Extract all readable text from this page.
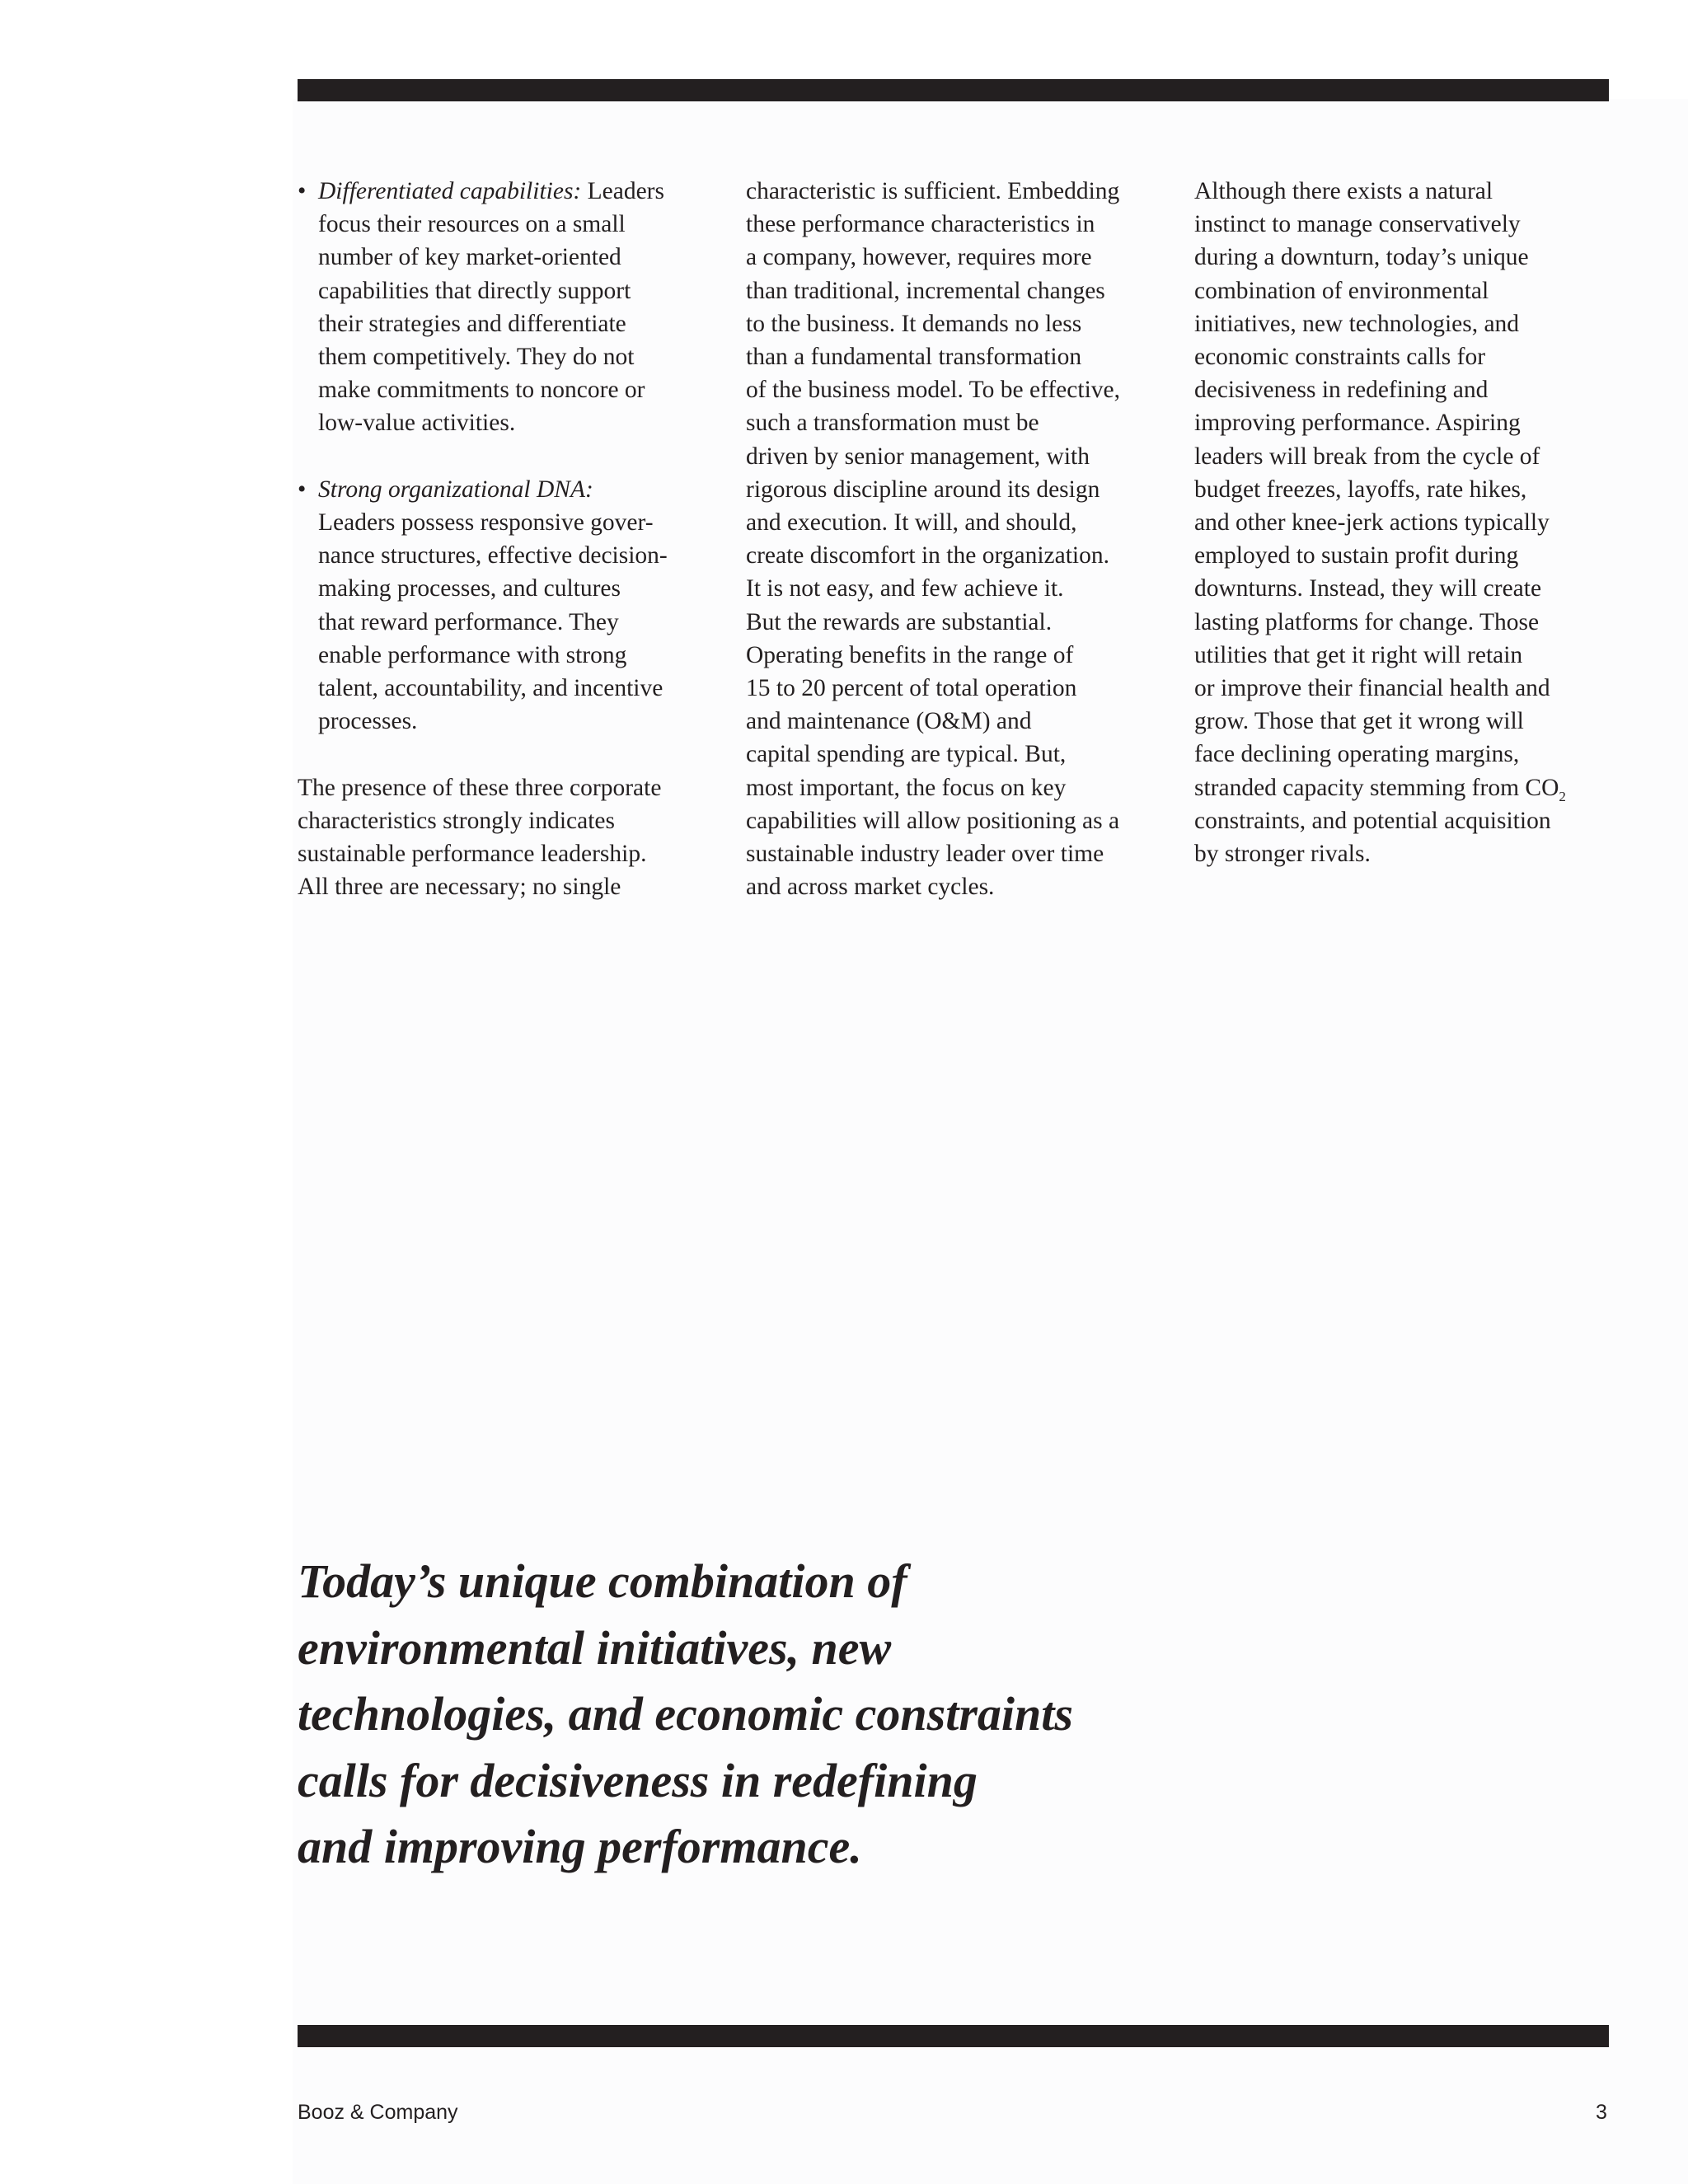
• Differentiated capabilities: Leaders
focus their resources on a small
number of key market-oriented
capabilities that directly support
their strategies and differentiate
them competitively. They do not
make commitments to noncore or
low-value activities.
• Strong organizational DNA:
Leaders possess responsive gover-
nance structures, effective decision-
making processes, and cultures
that reward performance. They
enable performance with strong
talent, accountability, and incentive
processes.
The presence of these three corporate
characteristics strongly indicates
sustainable performance leadership.
All three are necessary; no single
characteristic is sufficient. Embedding
these performance characteristics in
a company, however, requires more
than traditional, incremental changes
to the business. It demands no less
than a fundamental transformation
of the business model. To be effective,
such a transformation must be
driven by senior management, with
rigorous discipline around its design
and execution. It will, and should,
create discomfort in the organization.
It is not easy, and few achieve it.
But the rewards are substantial.
Operating benefits in the range of
15 to 20 percent of total operation
and maintenance (O&M) and
capital spending are typical. But,
most important, the focus on key
capabilities will allow positioning as a
sustainable industry leader over time
and across market cycles.
Although there exists a natural
instinct to manage conservatively
during a downturn, today’s unique
combination of environmental
initiatives, new technologies, and
economic constraints calls for
decisiveness in redefining and
improving performance. Aspiring
leaders will break from the cycle of
budget freezes, layoffs, rate hikes,
and other knee-jerk actions typically
employed to sustain profit during
downturns. Instead, they will create
lasting platforms for change. Those
utilities that get it right will retain
or improve their financial health and
grow. Those that get it wrong will
face declining operating margins,
stranded capacity stemming from $CO_2$
constraints, and potential acquisition
by stronger rivals.
Today’s unique combination of
environmental initiatives, new
technologies, and economic constraints
calls for decisiveness in redefining
and improving performance.
Booz & Company	3
